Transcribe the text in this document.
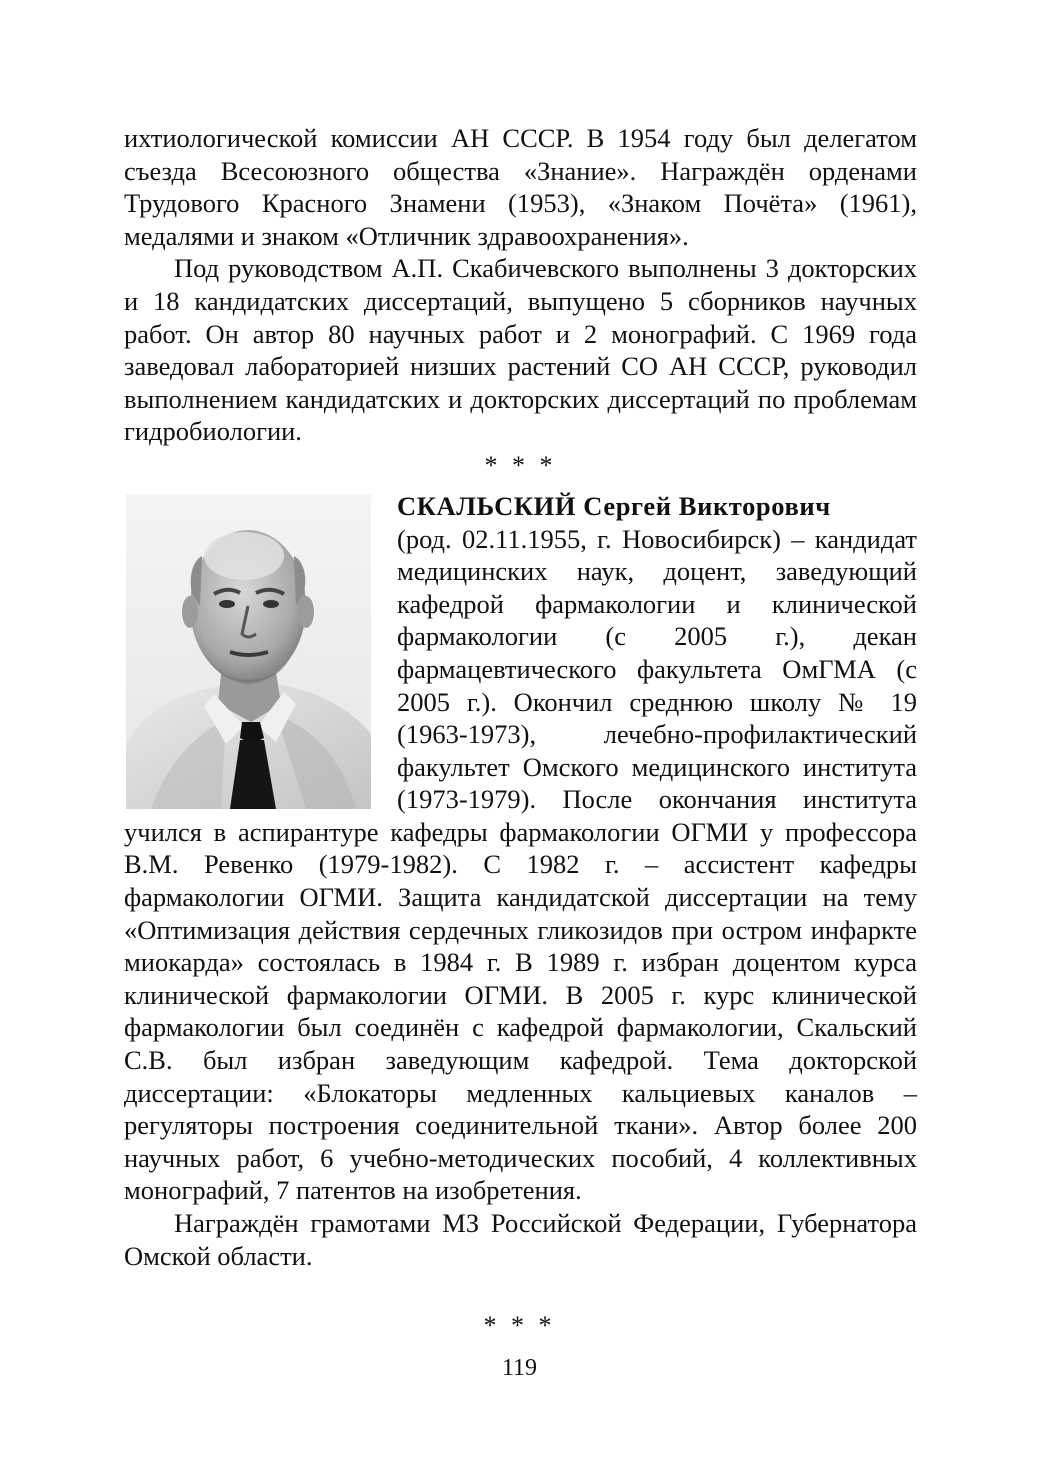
ихтиологической комиссии АН СССР. В 1954 году был делегатом съезда Всесоюзного общества «Знание». Награждён орденами Трудового Красного Знамени (1953), «Знаком Почёта» (1961), медалями и знаком «Отличник здравоохранения».

Под руководством А.П. Скабичевского выполнены 3 докторских и 18 кандидатских диссертаций, выпущено 5 сборников научных работ. Он автор 80 научных работ и 2 монографий. С 1969 года заведовал лабораторией низших растений СО АН СССР, руководил выполнением кандидатских и докторских диссертаций по проблемам гидробиологии.

* * *

СКАЛЬСКИЙ Сергей Викторович
(род. 02.11.1955, г. Новосибирск) – кандидат медицинских наук, доцент, заведующий кафедрой фармакологии и клинической фармакологии (с 2005 г.), декан фармацевтического факультета ОмГМА (с 2005 г.). Окончил среднюю школу № 19 (1963-1973), лечебно-профилактический факультет Омского медицинского института (1973-1979). После окончания института учился в аспирантуре кафедры фармакологии ОГМИ у профессора В.М. Ревенко (1979-1982). С 1982 г. – ассистент кафедры фармакологии ОГМИ. Защита кандидатской диссертации на тему «Оптимизация действия сердечных гликозидов при остром инфаркте миокарда» состоялась в 1984 г. В 1989 г. избран доцентом курса клинической фармакологии ОГМИ. В 2005 г. курс клинической фармакологии был соединён с кафедрой фармакологии, Скальский С.В. был избран заведующим кафедрой. Тема докторской диссертации: «Блокаторы медленных кальциевых каналов – регуляторы построения соединительной ткани». Автор более 200 научных работ, 6 учебно-методических пособий, 4 коллективных монографий, 7 патентов на изобретения.

Награждён грамотами МЗ Российской Федерации, Губернатора Омской области.

* * *
119
